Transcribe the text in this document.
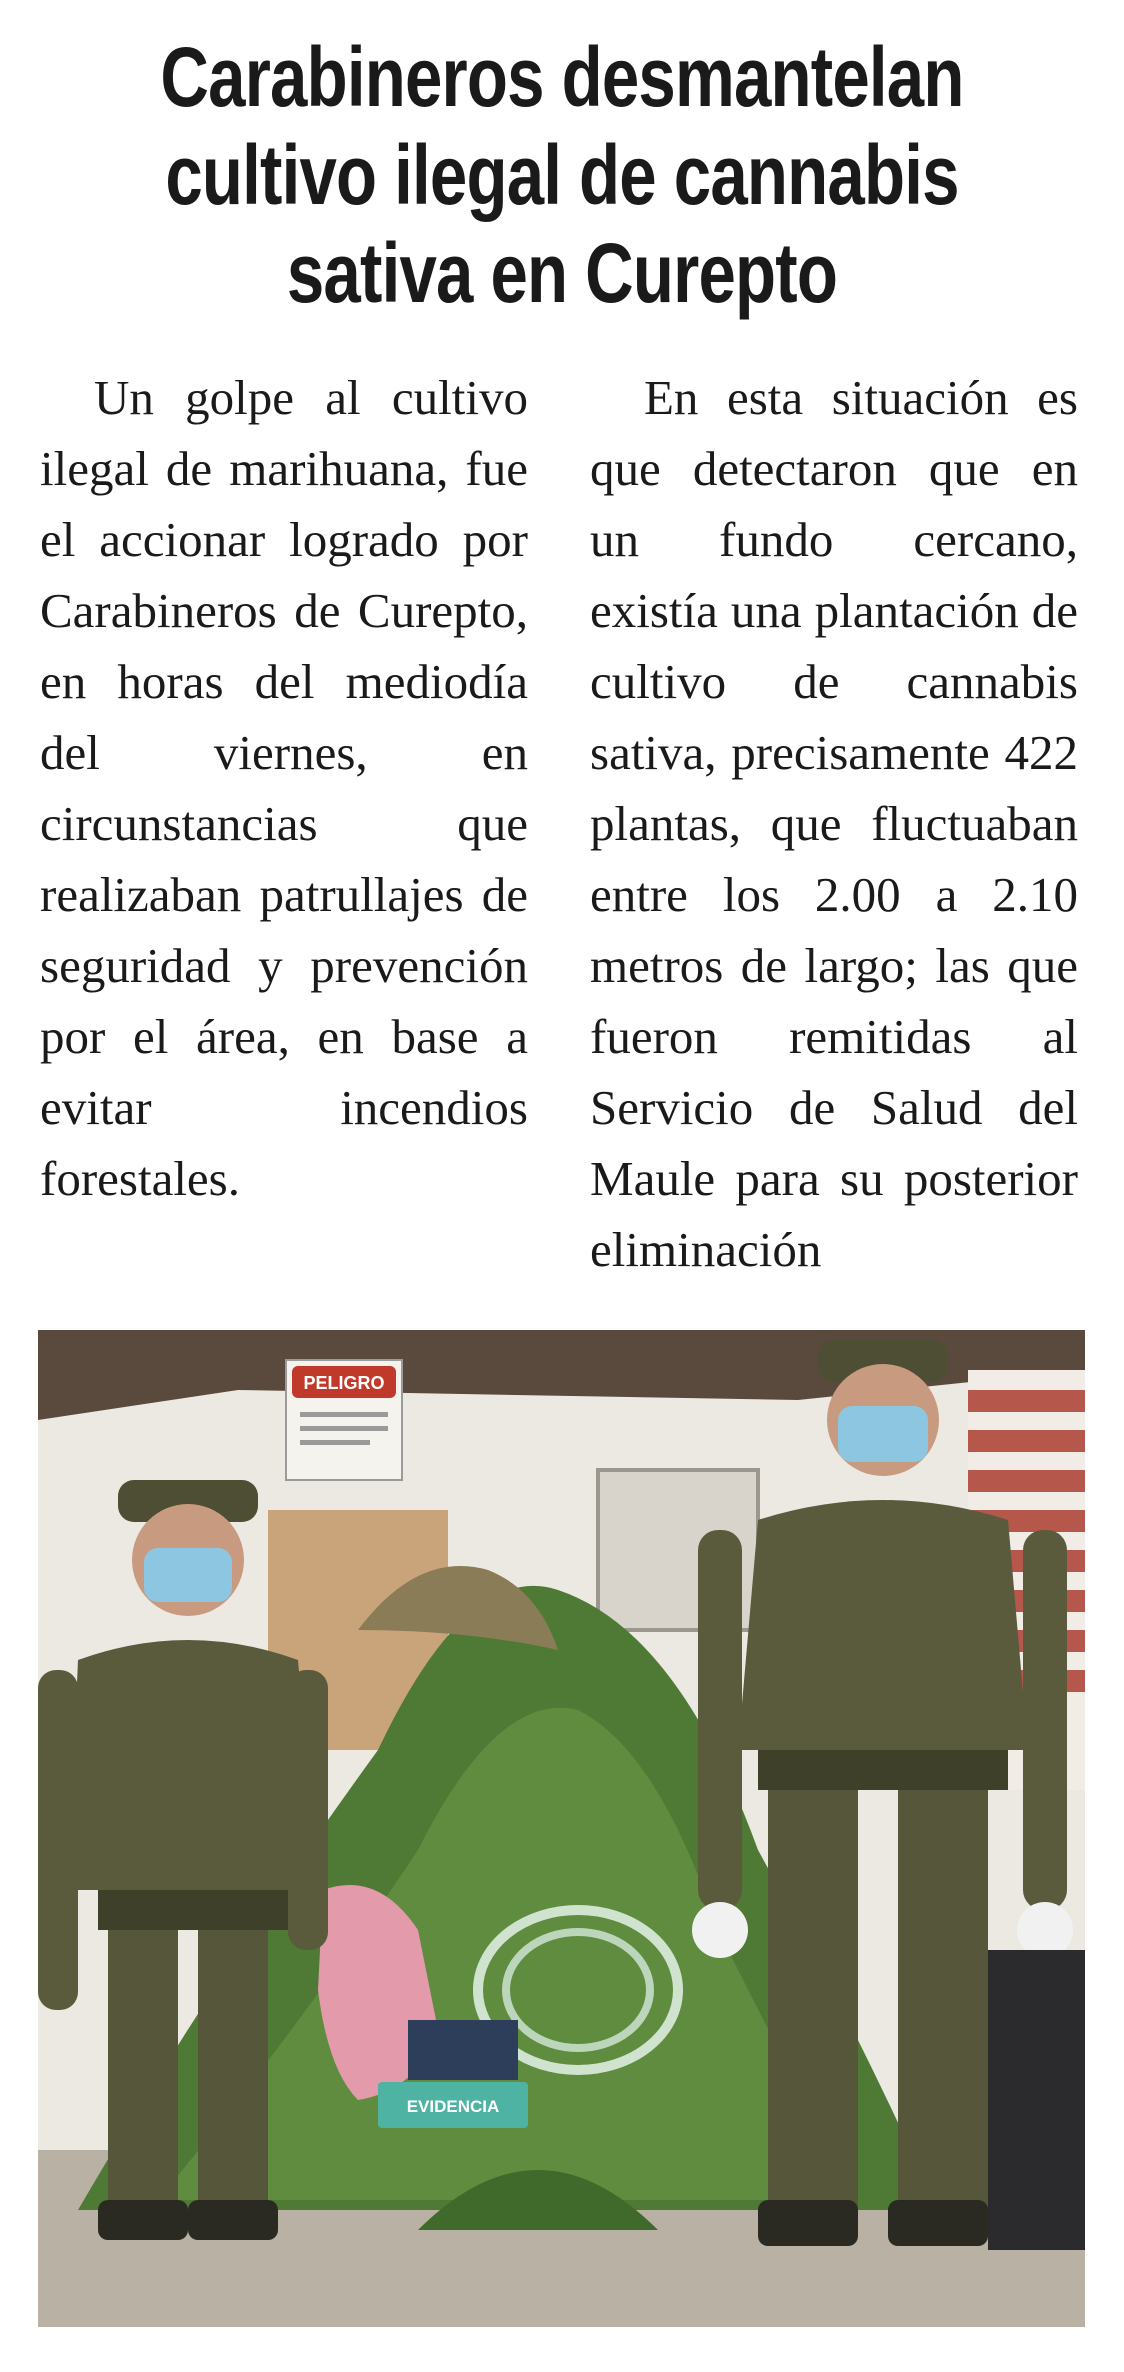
Carabineros desmantelan
cultivo ilegal de cannabis
sativa en Curepto

Un golpe al cultivo ilegal de marihuana, fue el accionar logrado por Carabineros de Curepto, en horas del mediodía del viernes, en circunstancias que realizaban patrullajes de seguridad y prevención por el área, en base a evitar incendios forestales.

En esta situación es que detectaron que en un fundo cercano, existía una plantación de cultivo de cannabis sativa, precisamente 422 plantas, que fluctuaban entre los 2.00 a 2.10 metros de largo; las que fueron remitidas al Servicio de Salud del Maule para su posterior eliminación

PELIGRO
EVIDENCIA
